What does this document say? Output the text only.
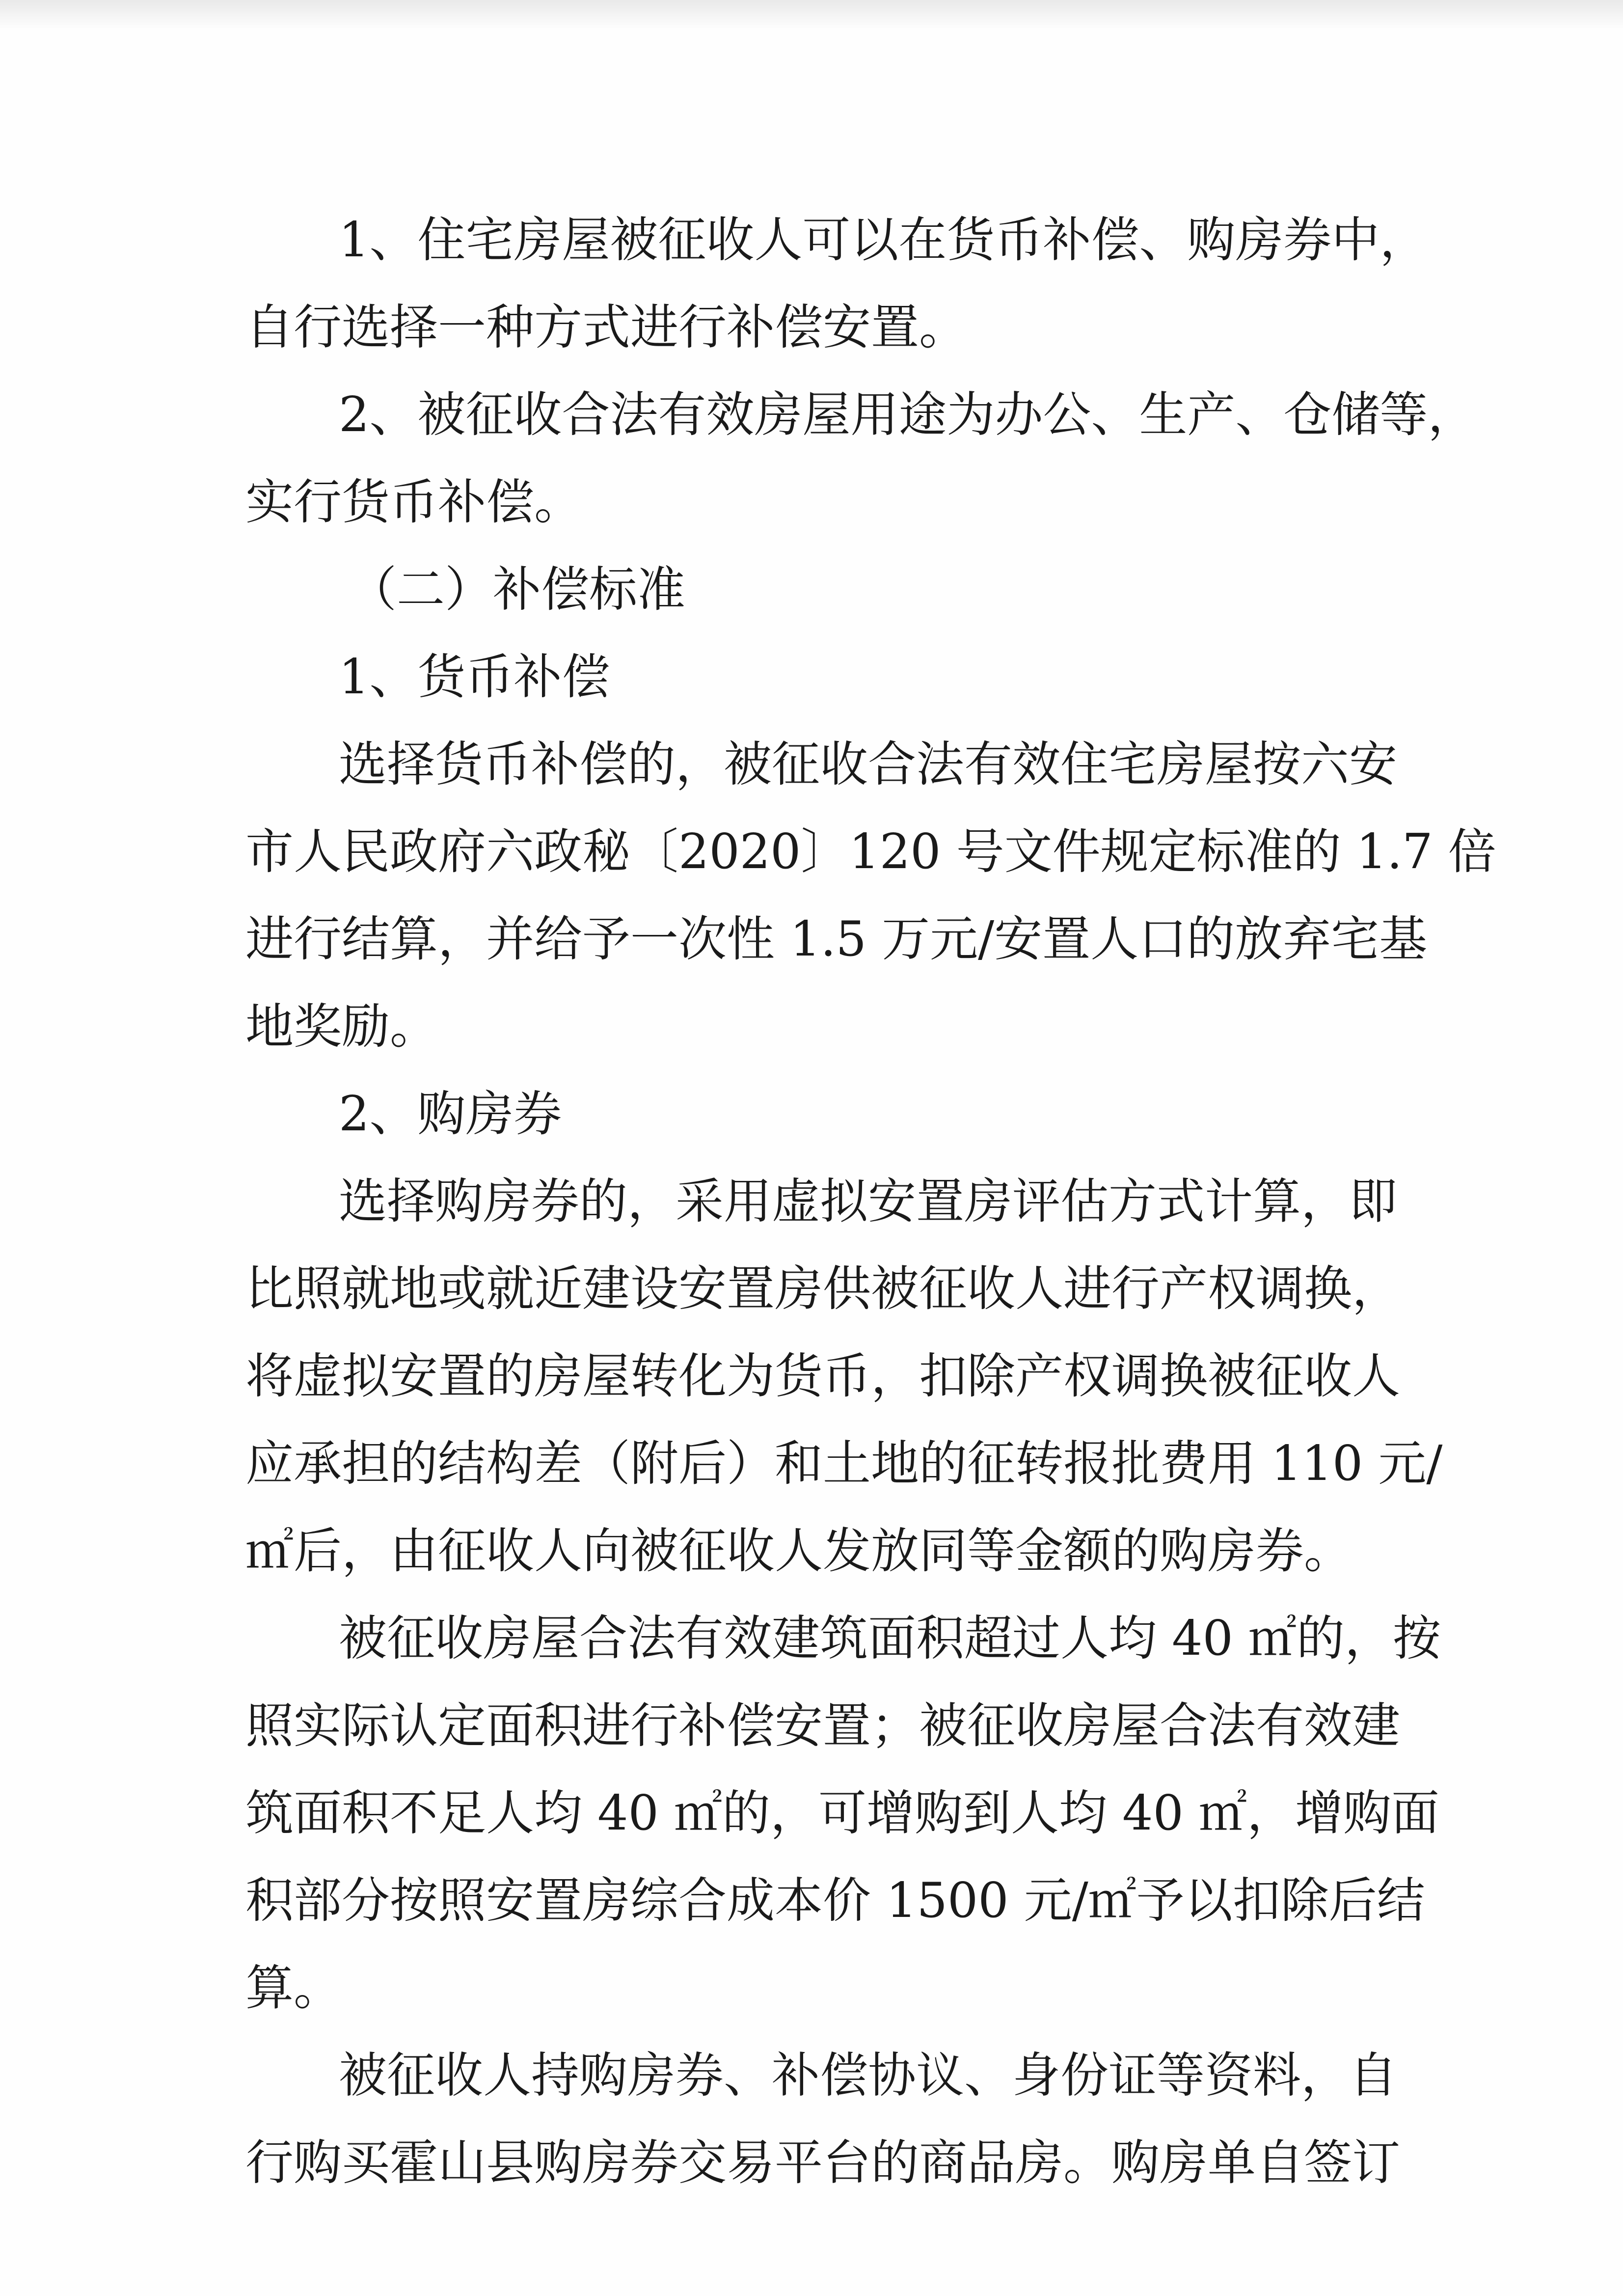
1、住宅房屋被征收人可以在货币补偿、购房券中，
自行选择一种方式进行补偿安置。
2、被征收合法有效房屋用途为办公、生产、仓储等，
实行货币补偿。
（二）补偿标准
1、货币补偿
选择货币补偿的，被征收合法有效住宅房屋按六安
市人民政府六政秘〔2020〕120 号文件规定标准的 1.7 倍
进行结算，并给予一次性 1.5 万元/安置人口的放弃宅基
地奖励。
2、购房券
选择购房券的，采用虚拟安置房评估方式计算，即
比照就地或就近建设安置房供被征收人进行产权调换，
将虚拟安置的房屋转化为货币，扣除产权调换被征收人
应承担的结构差（附后）和土地的征转报批费用 110 元/
㎡后，由征收人向被征收人发放同等金额的购房券。
被征收房屋合法有效建筑面积超过人均 40 ㎡的，按
照实际认定面积进行补偿安置；被征收房屋合法有效建
筑面积不足人均 40 ㎡的，可增购到人均 40 ㎡，增购面
积部分按照安置房综合成本价 1500 元/㎡予以扣除后结
算。
被征收人持购房券、补偿协议、身份证等资料，自
行购买霍山县购房券交易平台的商品房。购房单自签订
